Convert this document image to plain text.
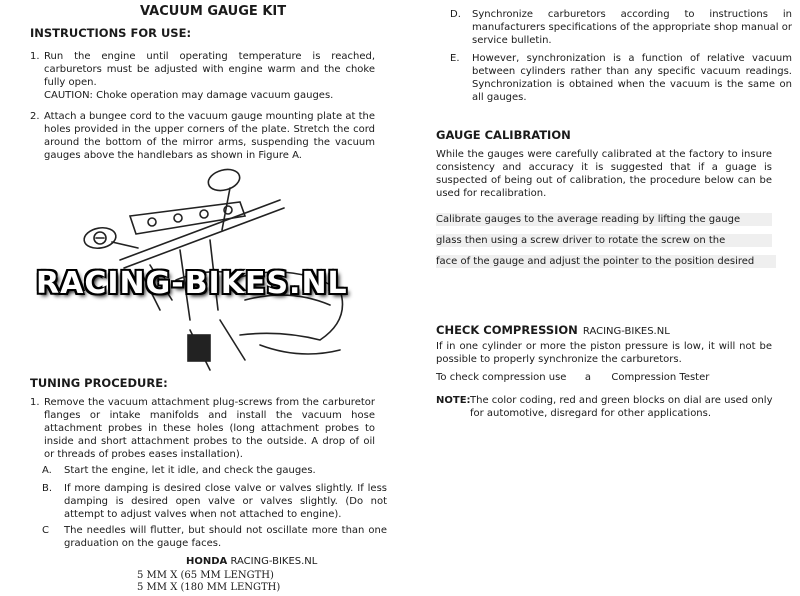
VACUUM GAUGE KIT
INSTRUCTIONS FOR USE:
1. Run the engine until operating temperature is reached, carburetors must be adjusted with engine warm and the choke fully open.
CAUTION: Choke operation may damage vacuum gauges.
2. Attach a bungee cord to the vacuum gauge mounting plate at the holes provided in the upper corners of the plate. Stretch the cord around the bottom of the mirror arms, suspending the vacuum gauges above the handlebars as shown in Figure A.
TUNING PROCEDURE:
1. Remove the vacuum attachment plug-screws from the carburetor flanges or intake manifolds and install the vacuum hose attachment probes in these holes (long attachment probes to inside and short attachment probes to the outside. A drop of oil or threads of probes eases installation).
A.	Start the engine, let it idle, and check the gauges.
B.	If more damping is desired close valve or valves slightly. If less damping is desired open valve or valves slightly. (Do not attempt to adjust valves when not attached to engine).
C	The needles will flutter, but should not oscillate more than one graduation on the gauge faces.
RACING-BIKES.NL
HONDA RACING-BIKES.NL
5 MM X (65 MM LENGTH)
5 MM X (180 MM LENGTH)
D.	Synchronize carburetors according to instructions in manufacturers specifications of the appropriate shop manual or service bulletin.
E.	However, synchronization is a function of relative vacuum between cylinders rather than any specific vacuum readings. Synchronization is obtained when the vacuum is the same on all gauges.
GAUGE CALIBRATION
While the gauges were carefully calibrated at the factory to insure consistency and accuracy it is suggested that if a guage is suspected of being out of calibration, the procedure below can be used for recalibration.
Calibrate gauges to the average reading by lifting the gauge
glass then using a screw driver to rotate the screw on the
face of the gauge and adjust the pointer to the position desired
CHECK COMPRESSION RACING-BIKES.NL
If in one cylinder or more the piston pressure is low, it will not be possible to properly synchronize the carburetors.
To check compression use a Compression Tester
NOTE: The color coding, red and green blocks on dial are used only for automotive, disregard for other applications.
